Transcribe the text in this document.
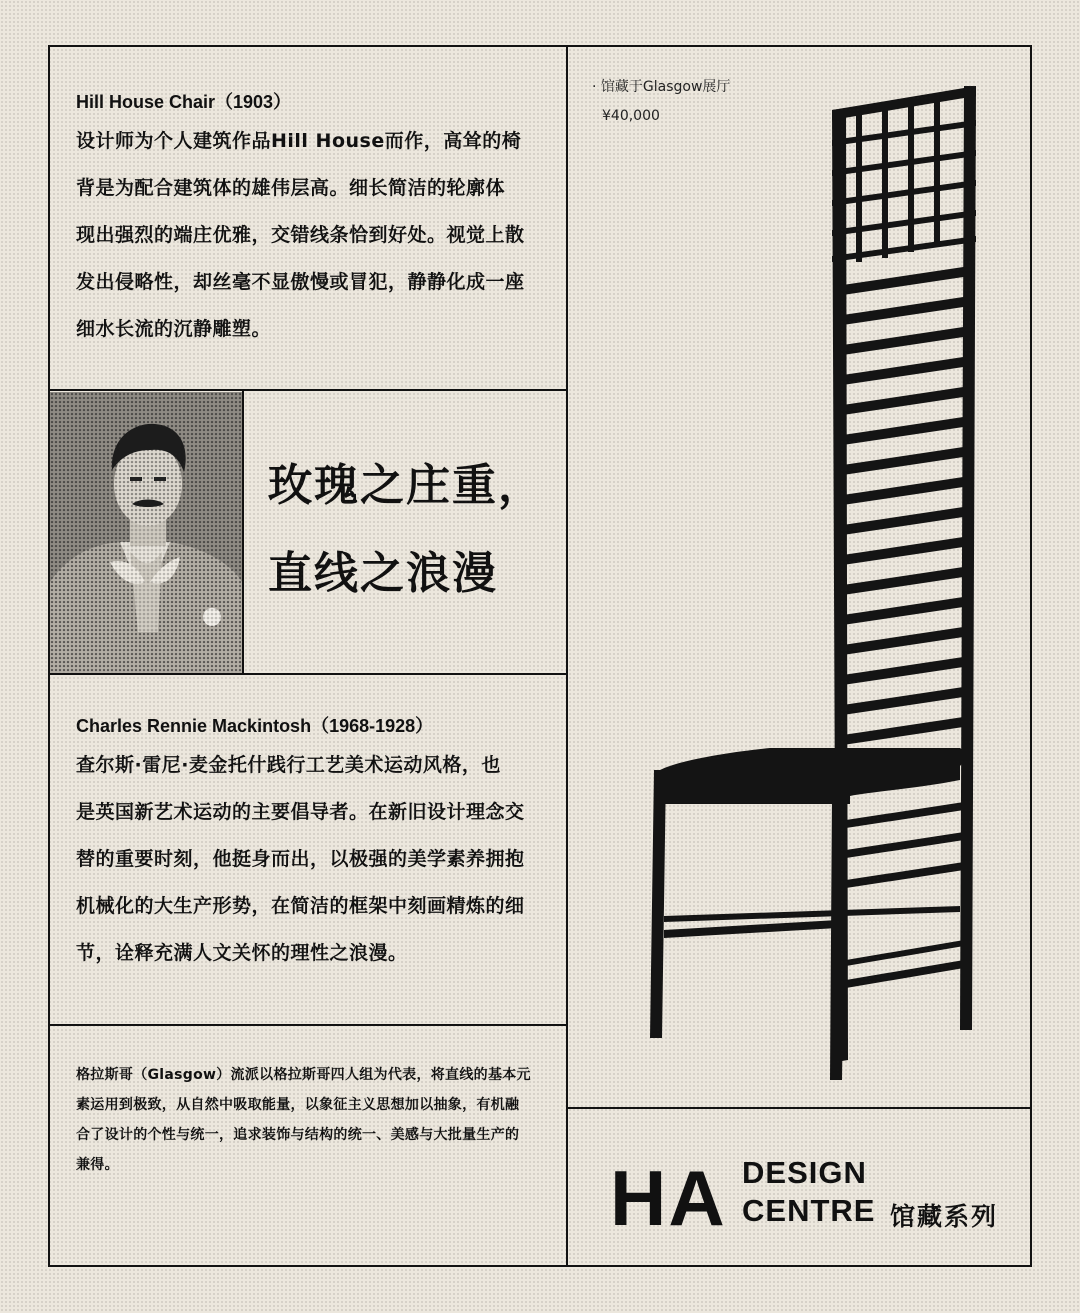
Hill House Chair（1903）
设计师为个人建筑作品Hill House而作，高耸的椅
背是为配合建筑体的雄伟层高。细长简洁的轮廓体
现出强烈的端庄优雅，交错线条恰到好处。视觉上散
发出侵略性，却丝毫不显傲慢或冒犯，静静化成一座
细水长流的沉静雕塑。
玫瑰之庄重，
直线之浪漫
Charles Rennie Mackintosh（1968-1928）
查尔斯·雷尼·麦金托什践行工艺美术运动风格，也
是英国新艺术运动的主要倡导者。在新旧设计理念交
替的重要时刻，他挺身而出，以极强的美学素养拥抱
机械化的大生产形势，在简洁的框架中刻画精炼的细
节，诠释充满人文关怀的理性之浪漫。
格拉斯哥（Glasgow）流派以格拉斯哥四人组为代表，将直线的基本元
素运用到极致，从自然中吸取能量，以象征主义思想加以抽象，有机融
合了设计的个性与统一，追求装饰与结构的统一、美感与大批量生产的
兼得。
· 馆藏于Glasgow展厅
¥40,000
HA DESIGN
CENTRE 馆藏系列
